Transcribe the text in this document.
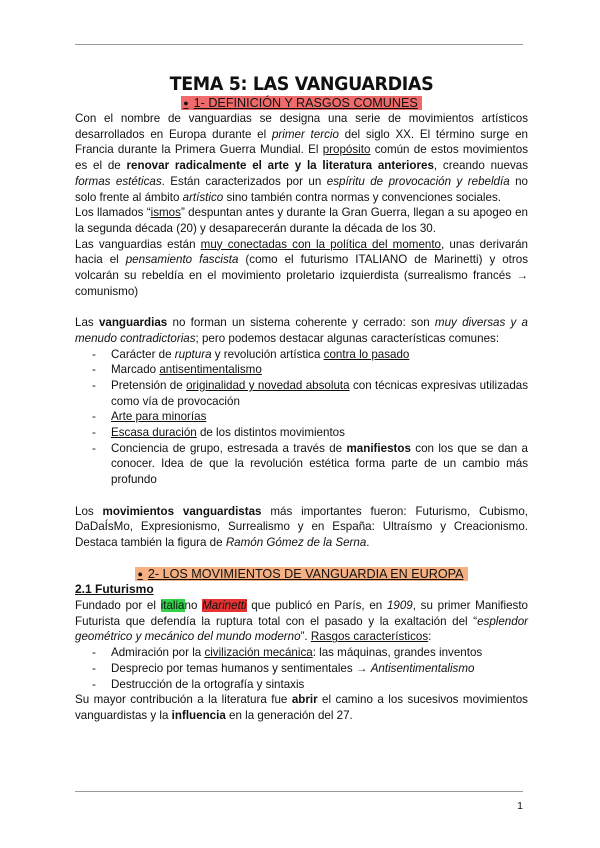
TEMA 5: LAS VANGUARDIAS
● 1- DEFINICIÓN Y RASGOS COMUNES

Con el nombre de vanguardias se designa una serie de movimientos artísticos desarrollados en Europa durante el primer tercio del siglo XX. El término surge en Francia durante la Primera Guerra Mundial. El propósito común de estos movimientos es el de renovar radicalmente el arte y la literatura anteriores, creando nuevas formas estéticas. Están caracterizados por un espíritu de provocación y rebeldía no solo frente al ámbito artístico sino también contra normas y convenciones sociales.

Los llamados “ismos” despuntan antes y durante la Gran Guerra, llegan a su apogeo en la segunda década (20) y desaparecerán durante la década de los 30.

Las vanguardias están muy conectadas con la política del momento, unas derivarán hacia el pensamiento fascista (como el futurismo ITALIANO de Marinetti) y otros volcarán su rebeldía en el movimiento proletario izquierdista (surrealismo francés → comunismo)

Las vanguardias no forman un sistema coherente y cerrado: son muy diversas y a menudo contradictorias; pero podemos destacar algunas características comunes:

- Carácter de ruptura y revolución artística contra lo pasado
- Marcado antisentimentalismo
- Pretensión de originalidad y novedad absoluta con técnicas expresivas utilizadas como vía de provocación
- Arte para minorías
- Escasa duración de los distintos movimientos
- Conciencia de grupo, estresada a través de manifiestos con los que se dan a conocer. Idea de que la revolución estética forma parte de un cambio más profundo

Los movimientos vanguardistas más importantes fueron: Futurismo, Cubismo, DaDaÍsMo, Expresionismo, Surrealismo y en España: Ultraísmo y Creacionismo. Destaca también la figura de Ramón Gómez de la Serna.

● 2- LOS MOVIMIENTOS DE VANGUARDIA EN EUROPA
2.1 Futurismo

Fundado por el italiano Marinetti que publicó en París, en 1909, su primer Manifiesto Futurista que defendía la ruptura total con el pasado y la exaltación del “esplendor geométrico y mecánico del mundo moderno”. Rasgos característicos:

- Admiración por la civilización mecánica: las máquinas, grandes inventos
- Desprecio por temas humanos y sentimentales → Antisentimentalismo
- Destrucción de la ortografía y sintaxis

Su mayor contribución a la literatura fue abrir el camino a los sucesivos movimientos vanguardistas y la influencia en la generación del 27.

1
